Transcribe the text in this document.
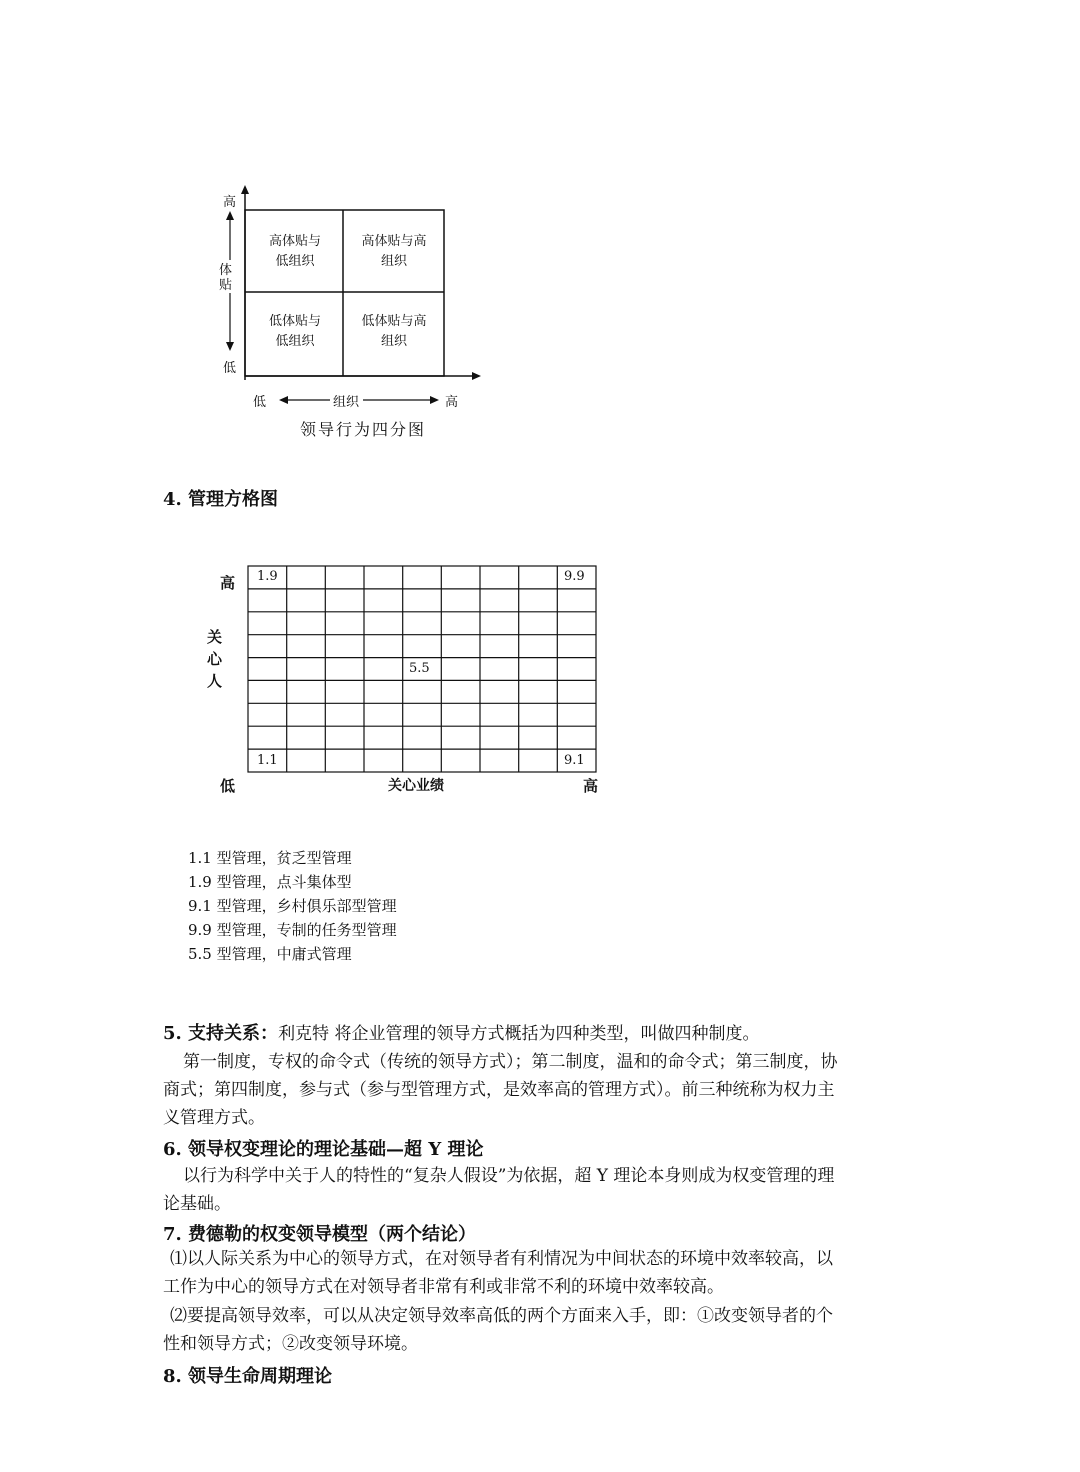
高
体贴
低
低	组织	高
高体贴与低组织
高体贴与高组织
低体贴与低组织
低体贴与高组织
领导行为四分图
4. 管理方格图
1.9	9.9
5.5
1.1	9.1
高
关
心
人
低	关心业绩	高
1.1 型管理，贫乏型管理
1.9 型管理，点斗集体型
9.1 型管理，乡村俱乐部型管理
9.9 型管理，专制的任务型管理
5.5 型管理，中庸式管理
5. 支持关系：利克特 将企业管理的领导方式概括为四种类型，叫做四种制度。
第一制度，专权的命令式（传统的领导方式）；第二制度，温和的命令式；第三制度，协
商式；第四制度，参与式（参与型管理方式，是效率高的管理方式）。前三种统称为权力主
义管理方式。
6. 领导权变理论的理论基础—超 Y 理论
以行为科学中关于人的特性的“复杂人假设”为依据，超 Y 理论本身则成为权变管理的理
论基础。
7. 费德勒的权变领导模型（两个结论）
⑴以人际关系为中心的领导方式，在对领导者有利情况为中间状态的环境中效率较高，以
工作为中心的领导方式在对领导者非常有利或非常不利的环境中效率较高。
⑵要提高领导效率，可以从决定领导效率高低的两个方面来入手，即：①改变领导者的个
性和领导方式；②改变领导环境。
8. 领导生命周期理论
